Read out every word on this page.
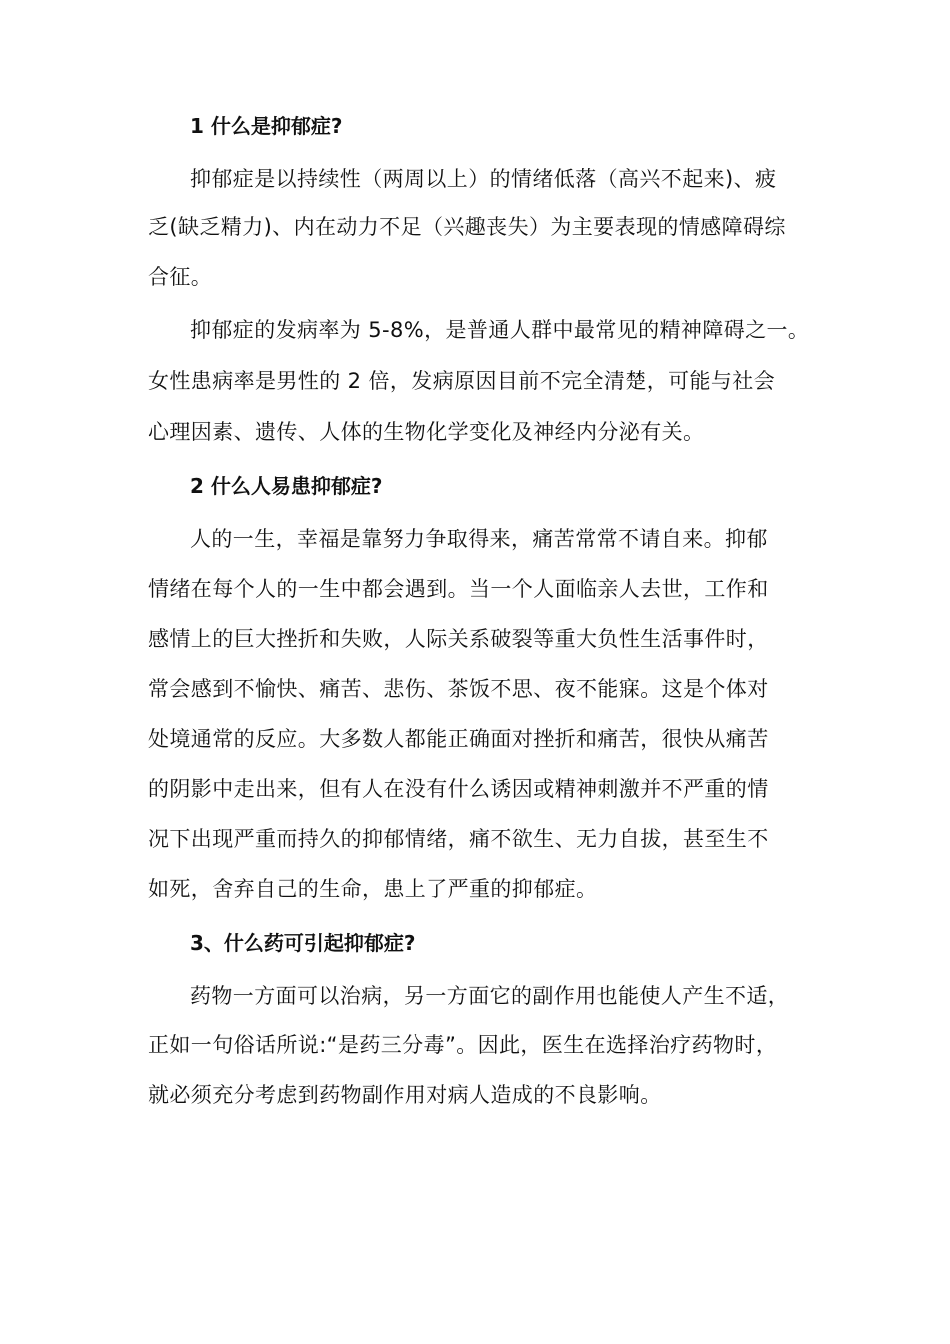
1 什么是抑郁症?
抑郁症是以持续性（两周以上）的情绪低落（高兴不起来)、疲
乏(缺乏精力)、内在动力不足（兴趣丧失）为主要表现的情感障碍综
合征。
抑郁症的发病率为 5-8%，是普通人群中最常见的精神障碍之一。
女性患病率是男性的 2 倍，发病原因目前不完全清楚，可能与社会
心理因素、遗传、人体的生物化学变化及神经内分泌有关。
2 什么人易患抑郁症?
人的一生，幸福是靠努力争取得来，痛苦常常不请自来。抑郁
情绪在每个人的一生中都会遇到。当一个人面临亲人去世，工作和
感情上的巨大挫折和失败，人际关系破裂等重大负性生活事件时，
常会感到不愉快、痛苦、悲伤、茶饭不思、夜不能寐。这是个体对
处境通常的反应。大多数人都能正确面对挫折和痛苦，很快从痛苦
的阴影中走出来，但有人在没有什么诱因或精神刺激并不严重的情
况下出现严重而持久的抑郁情绪，痛不欲生、无力自拔，甚至生不
如死，舍弃自己的生命，患上了严重的抑郁症。
3、什么药可引起抑郁症?
药物一方面可以治病，另一方面它的副作用也能使人产生不适，
正如一句俗话所说:“是药三分毒”。因此，医生在选择治疗药物时，
就必须充分考虑到药物副作用对病人造成的不良影响。
